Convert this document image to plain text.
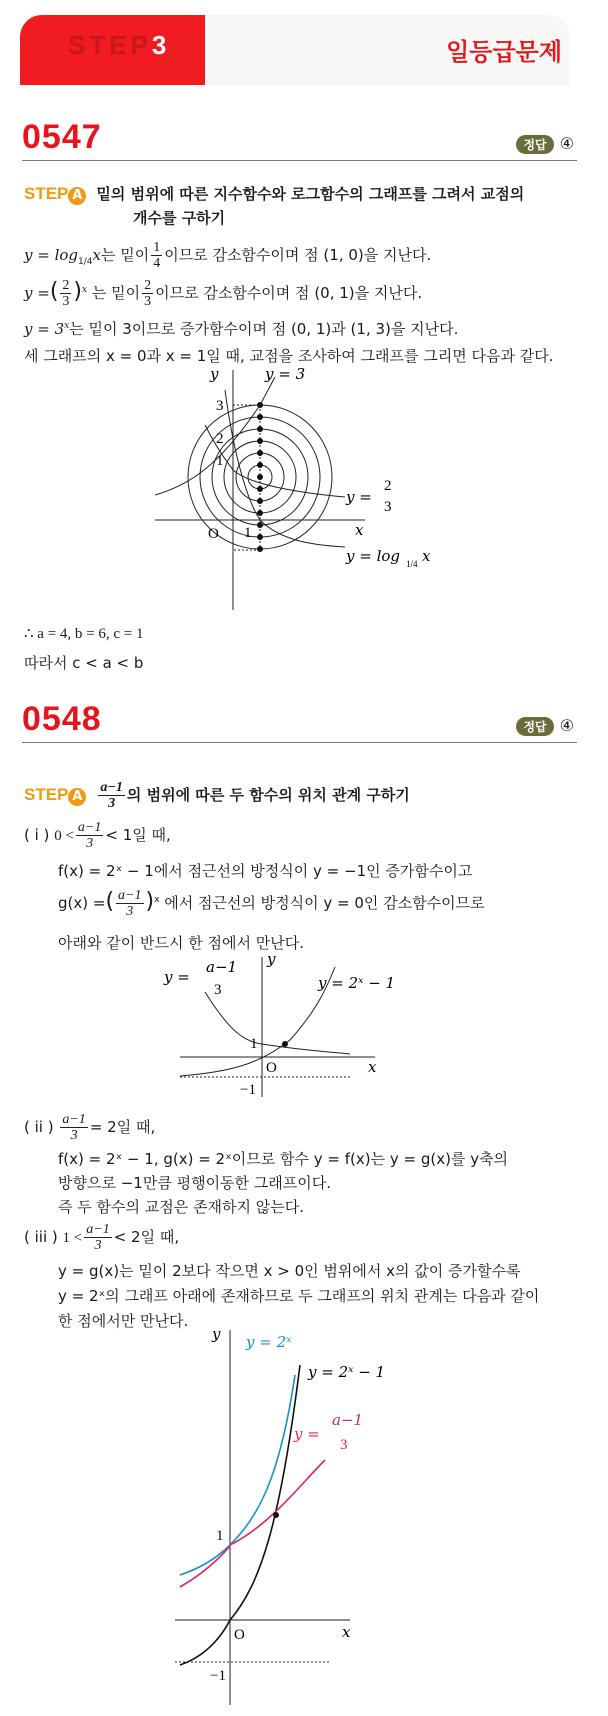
STEP3	일등급문제
0547	정답 ④
STEP A 밑의 범위에 따른 지수함수와 로그함수의 그래프를 그려서 교점의
개수를 구하기
$y = \log_{1/4}x$는 밑이 $\frac{1}{4}$ 이므로 감소함수이며 점 (1, 0)을 지난다.
y =( $\frac{2}{3} )^x$ 는 밑이 $\frac{2}{3}$ 이므로 감소함수이며 점 (0, 1)을 지난다.
$y = 3^x$는 밑이 3이므로 증가함수이며 점 (0, 1)과 (1, 3)을 지난다.
세 그래프의 x = 0과 x = 1일 때, 교점을 조사하여 그래프를 그리면 다음과 같다.
y
x
O 1
3
2
1
y = 3
y =
2
3
y = log 1/4 x
∴ a = 4, b = 6, c = 1
따라서 c < a < b
0548	정답 ④
STEP A $\frac{a-1}{3}$ 의 범위에 따른 두 함수의 위치 관계 구하기
( i ) $0 < \frac{a-1}{3} < 1$일 때,
f(x) = 2ˣ − 1에서 점근선의 방정식이 y = −1인 증가함수이고
g(x) =( $\frac{a-1}{3} )^x$ 에서 점근선의 방정식이 y = 0인 감소함수이므로
아래와 같이 반드시 한 점에서 만난다.
y
x
O
1
−1
y =
a−1
3	y = 2ˣ − 1
( ii ) $\frac{a-1}{3} = 2$일 때,
f(x) = 2ˣ − 1, g(x) = 2ˣ이므로 함수 y = f(x)는 y = g(x)를 y축의
방향으로 −1만큼 평행이동한 그래프이다.
즉 두 함수의 교점은 존재하지 않는다.
( iii ) $1 < \frac{a-1}{3} < 2$일 때,
y = g(x)는 밑이 2보다 작으면 x > 0인 범위에서 x의 값이 증가할수록
y = 2ˣ의 그래프 아래에 존재하므로 두 그래프의 위치 관계는 다음과 같이
한 점에서만 만난다.
y
x
O
1
−1
y = 2ˣ
y = 2ˣ − 1
y =
a−1
3
